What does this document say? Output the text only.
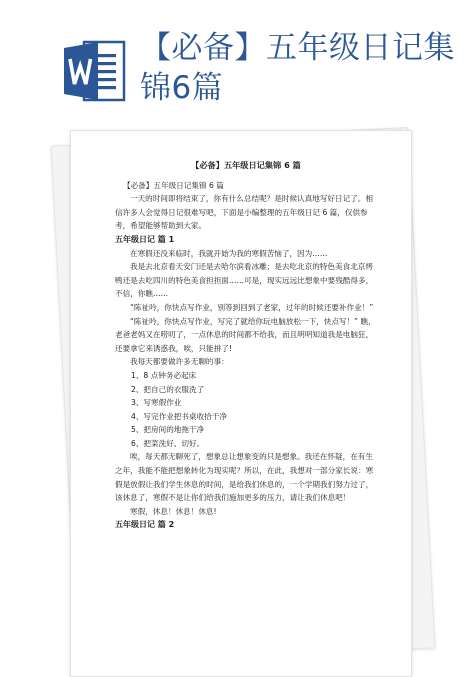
【必备】五年级日记集锦6篇

【必备】五年级日记集锦 6 篇

【必备】五年级日记集锦 6 篇

一天的时间即将结束了，你有什么总结呢？是时候认真地写好日记了。相信许多人会觉得日记很难写吧，下面是小编整理的五年级日记 6 篇，仅供参考，希望能够帮助到大家。

五年级日记 篇 1

在寒假还没来临时，我就开始为我的寒假苦恼了，因为……

我是去北京看天安门还是去哈尔滨看冰雕；是去吃北京的特色美食北京烤鸭还是去吃四川的特色美食担担面……可是，现实远远比想象中要残酷得多，不信，你瞧……

“陈祉吟，你快点写作业，别等到回到了老家，过年的时候还要补作业！”

“陈祉吟，你快点写作业，写完了就给你玩电脑放松一下，快点写！” 瞧，老爸老妈又在唠叨了，一点休息的时间都不给我，而且明明知道我是电脑狂，还要拿它来诱惑我，唉，只能拼了!

我每天都要做许多无聊的事：

1、8 点钟务必起床

2、把自己的衣服洗了

3、写寒假作业

4、写完作业把书桌收拾干净

5、把房间的地拖干净

6、把菜洗好、切好。

唉，每天都无聊死了，想象总让想象变的只是想象。我还在怀疑，在有生之年，我能不能把想象转化为现实呢？所以，在此，我想对一部分家长说：寒假是放假让我们学生休息的时间，是给我们休息的，一个学期我们努力过了，该休息了，寒假不是让你们给我们施加更多的压力，请让我们休息吧！

寒假，休息！休息！休息!

五年级日记 篇 2
